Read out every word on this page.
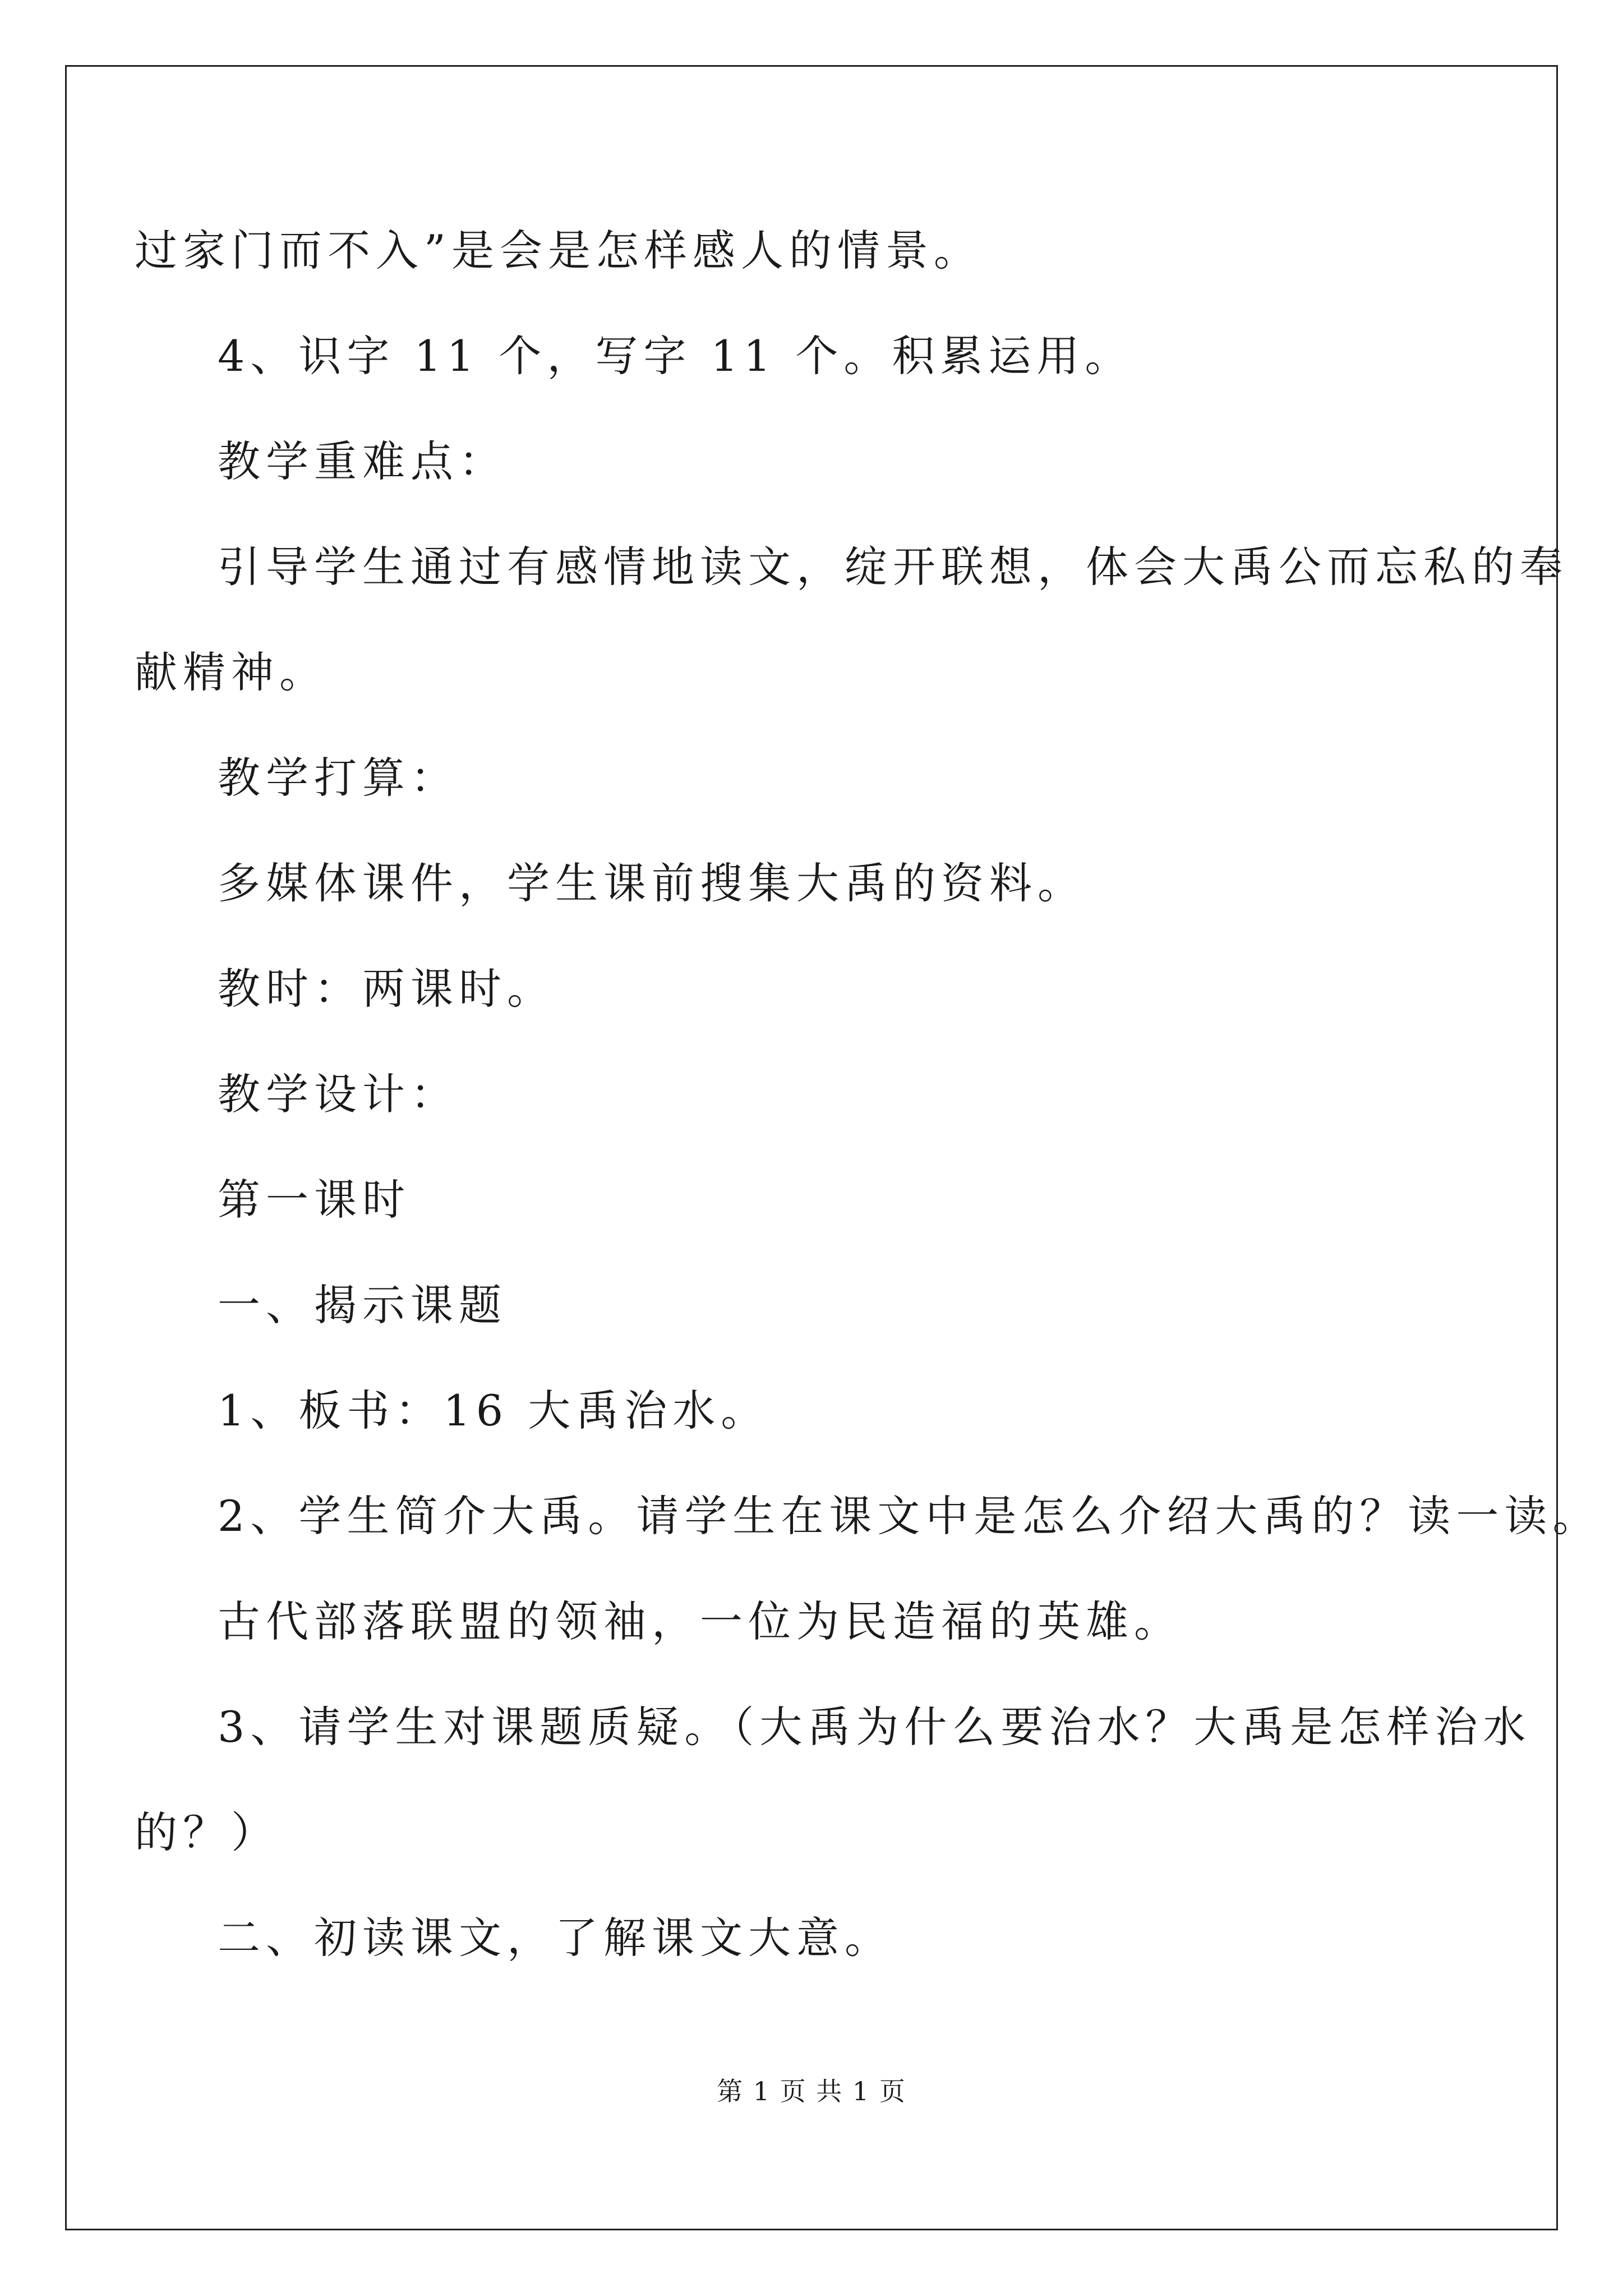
过家门而不入”是会是怎样感人的情景。
4、识字 11 个，写字 11 个。积累运用。
教学重难点：
引导学生通过有感情地读文，绽开联想，体会大禹公而忘私的奉
献精神。
教学打算：
多媒体课件，学生课前搜集大禹的资料。
教时：两课时。
教学设计：
第一课时
一、揭示课题
1、板书：16 大禹治水。
2、学生简介大禹。请学生在课文中是怎么介绍大禹的？读一读。
古代部落联盟的领袖，一位为民造福的英雄。
3、请学生对课题质疑。（大禹为什么要治水？大禹是怎样治水
的？）
二、初读课文，了解课文大意。
第 1 页 共 1 页
